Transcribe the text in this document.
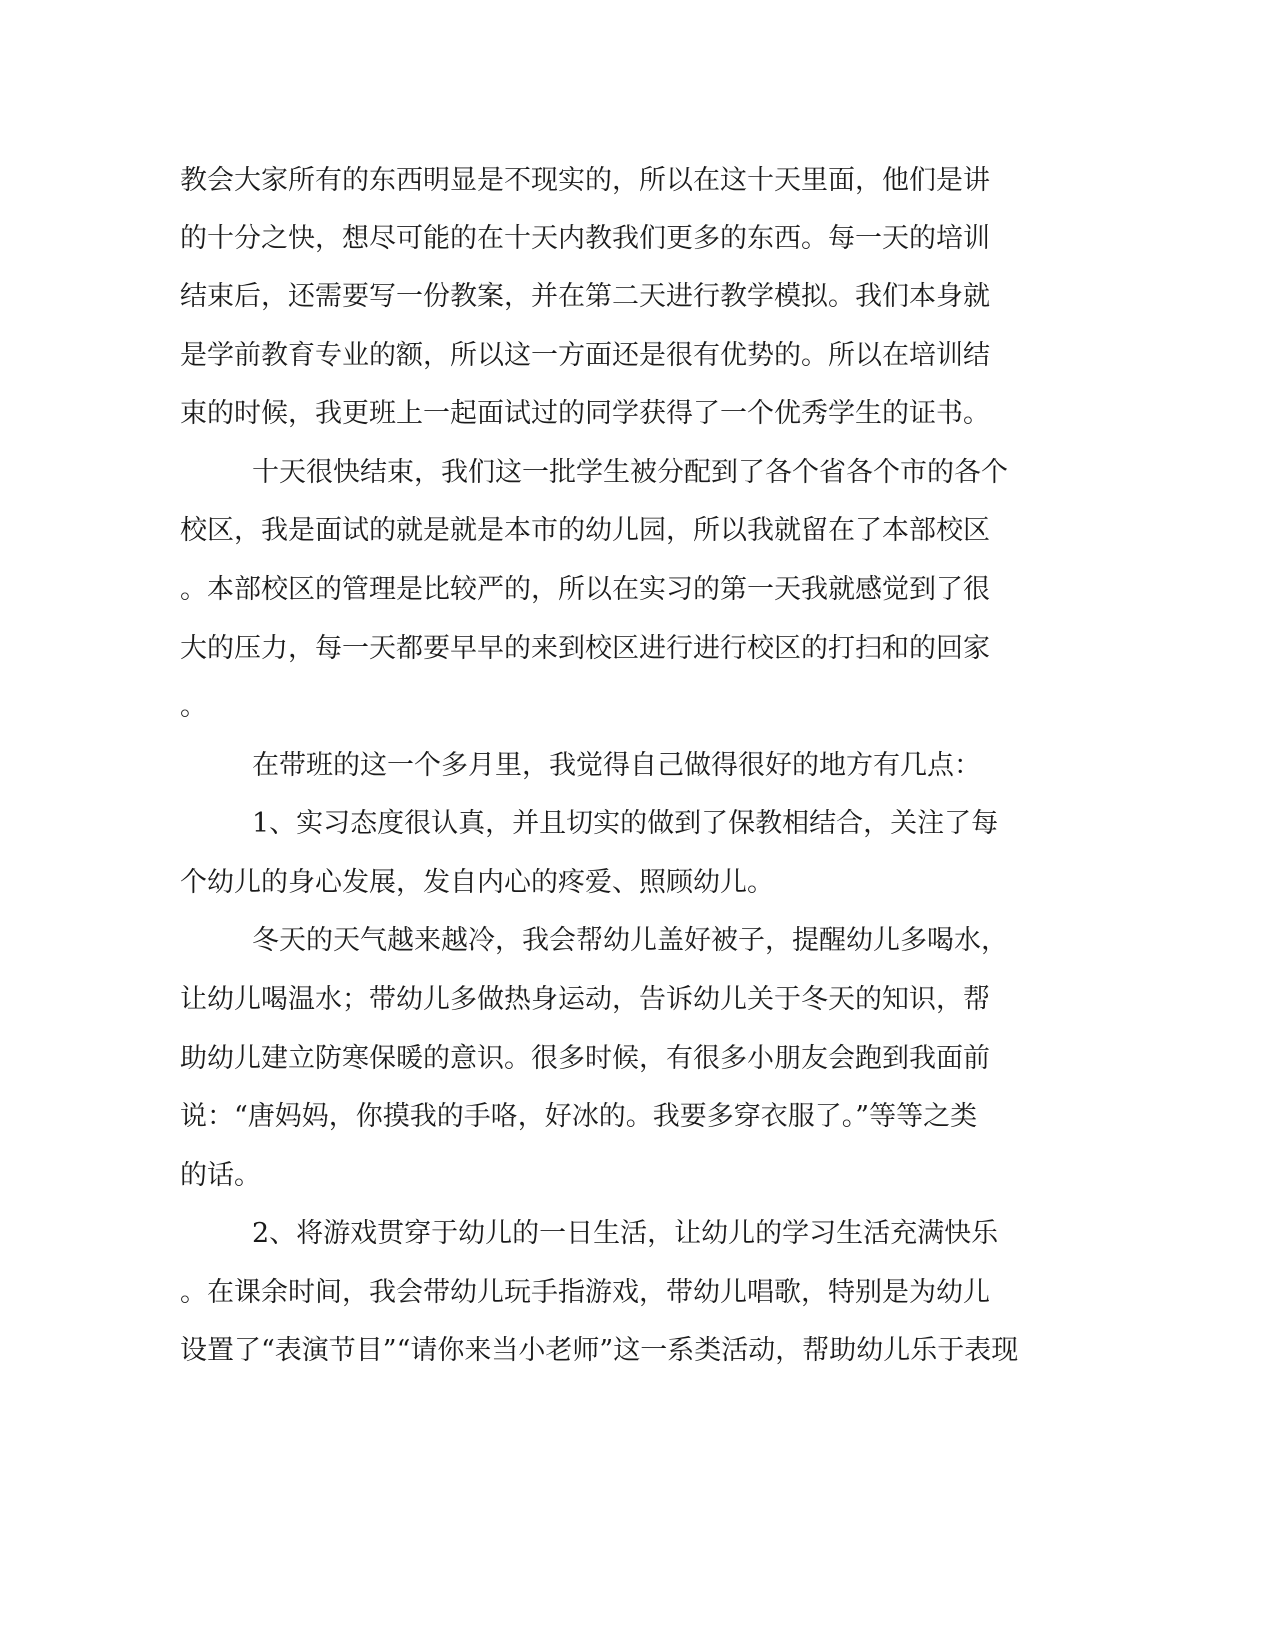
教会大家所有的东西明显是不现实的，所以在这十天里面，他们是讲

的十分之快，想尽可能的在十天内教我们更多的东西。每一天的培训

结束后，还需要写一份教案，并在第二天进行教学模拟。我们本身就

是学前教育专业的额，所以这一方面还是很有优势的。所以在培训结

束的时候，我更班上一起面试过的同学获得了一个优秀学生的证书。

十天很快结束，我们这一批学生被分配到了各个省各个市的各个

校区，我是面试的就是就是本市的幼儿园，所以我就留在了本部校区

。本部校区的管理是比较严的，所以在实习的第一天我就感觉到了很

大的压力，每一天都要早早的来到校区进行进行校区的打扫和的回家

。

在带班的这一个多月里，我觉得自己做得很好的地方有几点：

1、实习态度很认真，并且切实的做到了保教相结合，关注了每

个幼儿的身心发展，发自内心的疼爱、照顾幼儿。

冬天的天气越来越冷，我会帮幼儿盖好被子，提醒幼儿多喝水，

让幼儿喝温水；带幼儿多做热身运动，告诉幼儿关于冬天的知识，帮

助幼儿建立防寒保暖的意识。很多时候，有很多小朋友会跑到我面前

说：“唐妈妈，你摸我的手咯，好冰的。我要多穿衣服了。”等等之类

的话。

2、将游戏贯穿于幼儿的一日生活，让幼儿的学习生活充满快乐

。在课余时间，我会带幼儿玩手指游戏，带幼儿唱歌，特别是为幼儿

设置了“表演节目”“请你来当小老师”这一系类活动，帮助幼儿乐于表现
